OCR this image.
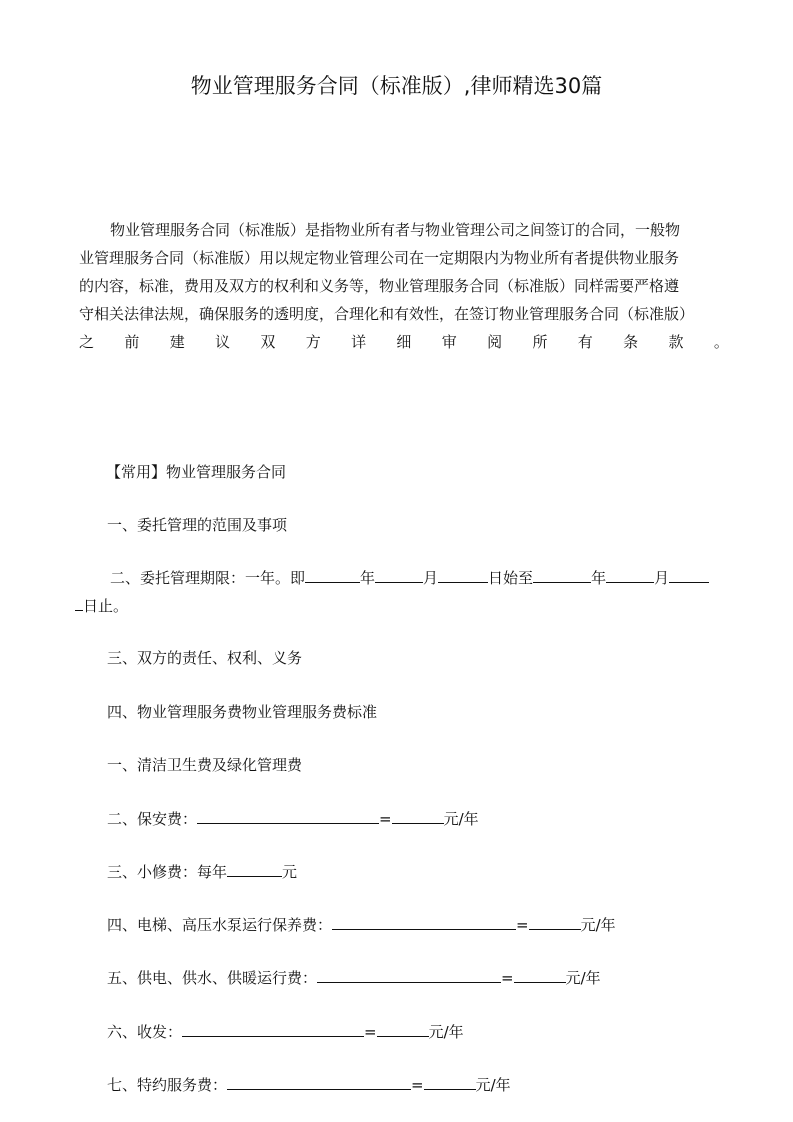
物业管理服务合同（标准版）,律师精选30篇
物业管理服务合同（标准版）是指物业所有者与物业管理公司之间签订的合同，一般物
业管理服务合同（标准版）用以规定物业管理公司在一定期限内为物业所有者提供物业服务
的内容，标准，费用及双方的权利和义务等，物业管理服务合同（标准版）同样需要严格遵
守相关法律法规，确保服务的透明度，合理化和有效性，在签订物业管理服务合同（标准版）
之 前 建 议 双 方 详 细 审 阅 所 有 条 款 。
【常用】物业管理服务合同
一、委托管理的范围及事项
二、委托管理期限：一年。即	年	月	日始至	年	月
日止。
三、双方的责任、权利、义务
四、物业管理服务费物业管理服务费标准
一、清洁卫生费及绿化管理费
二、保安费：	=	元/年
三、小修费：每年	元
四、电梯、高压水泵运行保养费：	=	元/年
五、供电、供水、供暖运行费：	=	元/年
六、收发：	=	元/年
七、特约服务费：	=	元/年
